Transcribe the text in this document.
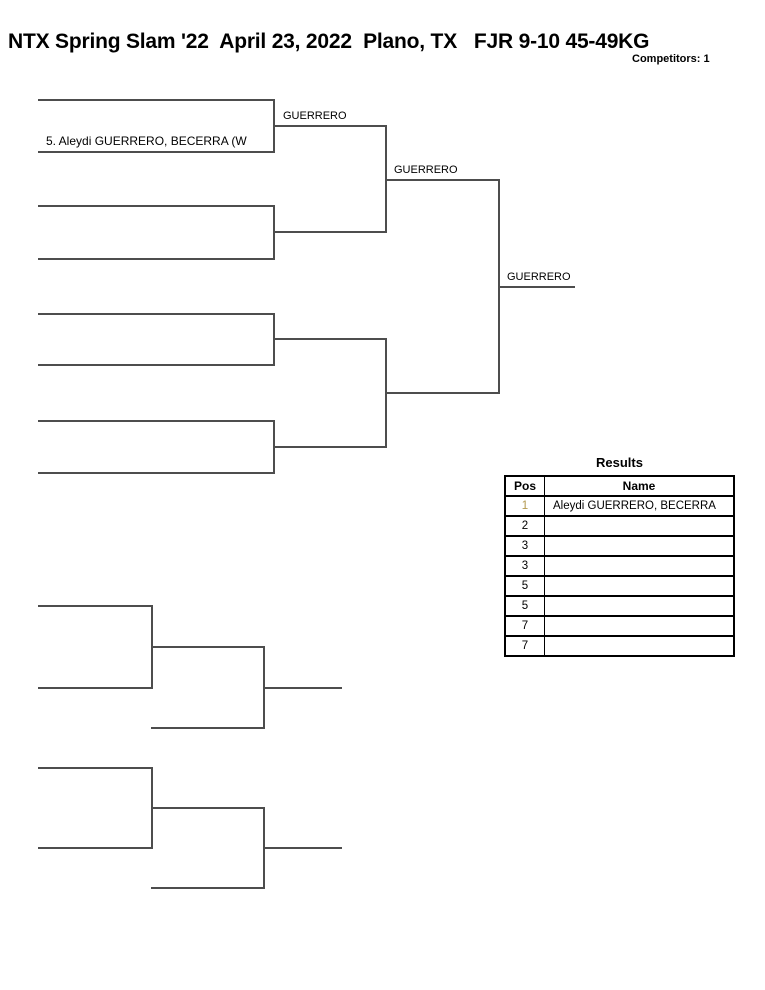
NTX Spring Slam '22  April 23, 2022  Plano, TX   FJR 9-10 45-49KG
Competitors: 1
5. Aleydi GUERRERO, BECERRA (W
GUERRERO
GUERRERO
GUERRERO
Results
Pos	Name
1	Aleydi GUERRERO, BECERRA
2	
3	
3	
5	
5	
7	
7	
